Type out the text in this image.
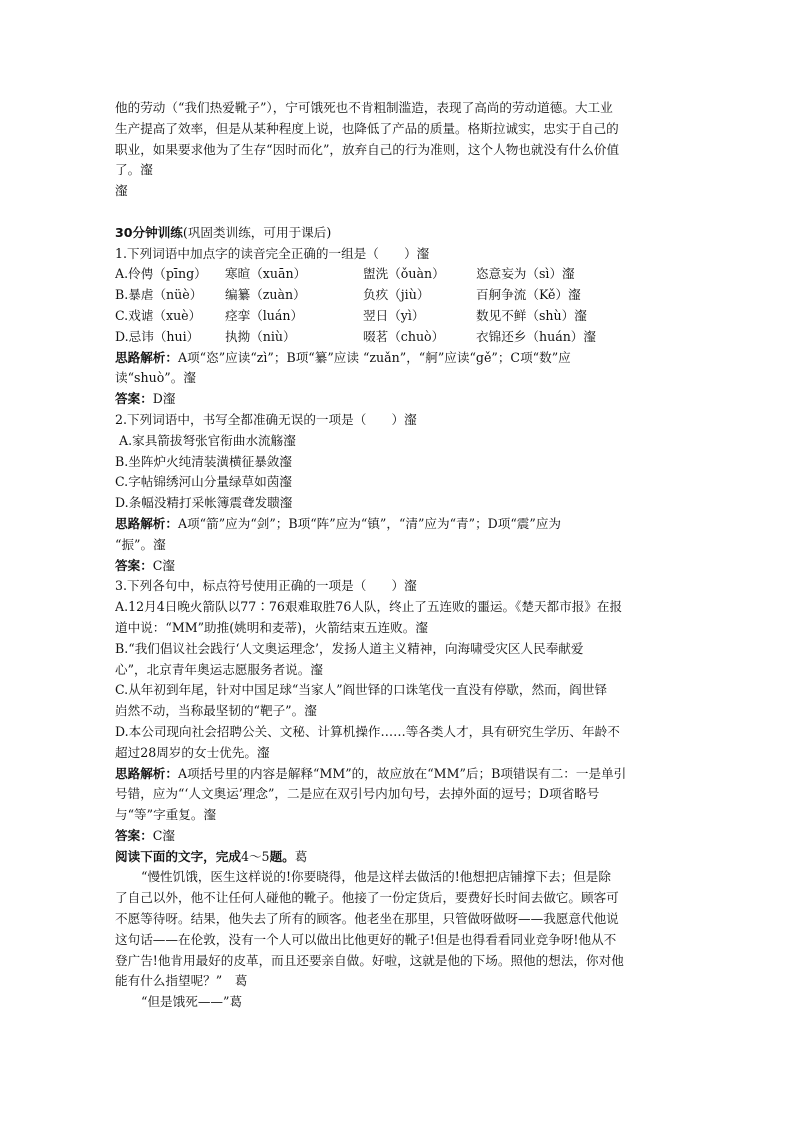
他的劳动（“我们热爱靴子”），宁可饿死也不肯粗制滥造，表现了高尚的劳动道德。大工业
生产提高了效率，但是从某种程度上说，也降低了产品的质量。格斯拉诚实，忠实于自己的
职业，如果要求他为了生存“因时而化”，放弃自己的行为准则，这个人物也就没有什么价值
了。瀣
瀣
30分钟训练(巩固类训练，可用于课后)
1.下列词语中加点字的读音完全正确的一组是（　　）瀣
A.伶俜（pīng）	寒暄（xuān）	盥洗（ǒuàn）	恣意妄为（sì）瀣
B.暴虐（nüè）	编纂（zuàn）	负疚（jiù）	百舸争流（Kě）瀣
C.戏谑（xuè）	痉挛（luán）	翌日（yì）	数见不鲜（shù）瀣
D.忌讳（hui）	执拗（niù）	啜茗（chuò）	衣锦还乡（huán）瀣
思路解析：A项“恣”应读“zì”；B项“纂”应读 “zuǎn”，“舸”应读“gě”；C项“数”应
读“shuò”。瀣
答案：D瀣
2.下列词语中，书写全都准确无误的一项是（　　）瀣
A.家具箭拔弩张官衔曲水流觞瀣
B.坐阵炉火纯清装潢横征暴敛瀣
C.字帖锦绣河山分量绿草如茵瀣
D.条幅没精打采帐簿震聋发聩瀣
思路解析：A项“箭”应为“剑”；B项“阵”应为“镇”，“清”应为“青”；D项“震”应为
“振”。瀣
答案：C瀣
3.下列各句中，标点符号使用正确的一项是（　　）瀣
A.12月4日晚火箭队以77∶76艰难取胜76人队，终止了五连败的噩运。《楚天都市报》在报
道中说：“MM”助推(姚明和麦蒂)，火箭结束五连败。瀣
B.“我们倡议社会践行‘人文奥运理念’，发扬人道主义精神，向海啸受灾区人民奉献爱
心”，北京青年奥运志愿服务者说。瀣
C.从年初到年尾，针对中国足球“当家人”阎世铎的口诛笔伐一直没有停歇，然而，阎世铎
岿然不动，当称最坚韧的“靶子”。瀣
D.本公司现向社会招聘公关、文秘、计算机操作……等各类人才，具有研究生学历、年龄不
超过28周岁的女士优先。瀣
思路解析：A项括号里的内容是解释“MM”的，故应放在“MM”后；B项错误有二：一是单引
号错，应为“‘人文奥运’理念”，二是应在双引号内加句号，去掉外面的逗号；D项省略号
与“等”字重复。瀣
答案：C瀣
阅读下面的文字，完成4～5题。葛
“慢性饥饿，医生这样说的!你要晓得，他是这样去做活的!他想把店铺撑下去；但是除
了自己以外，他不让任何人碰他的靴子。他接了一份定货后，要费好长时间去做它。顾客可
不愿等待呀。结果，他失去了所有的顾客。他老坐在那里，只管做呀做呀——我愿意代他说
这句话——在伦敦，没有一个人可以做出比他更好的靴子!但是也得看看同业竞争呀!他从不
登广告!他肯用最好的皮革，而且还要亲自做。好啦，这就是他的下场。照他的想法，你对他
能有什么指望呢？”　葛
“但是饿死——”葛
